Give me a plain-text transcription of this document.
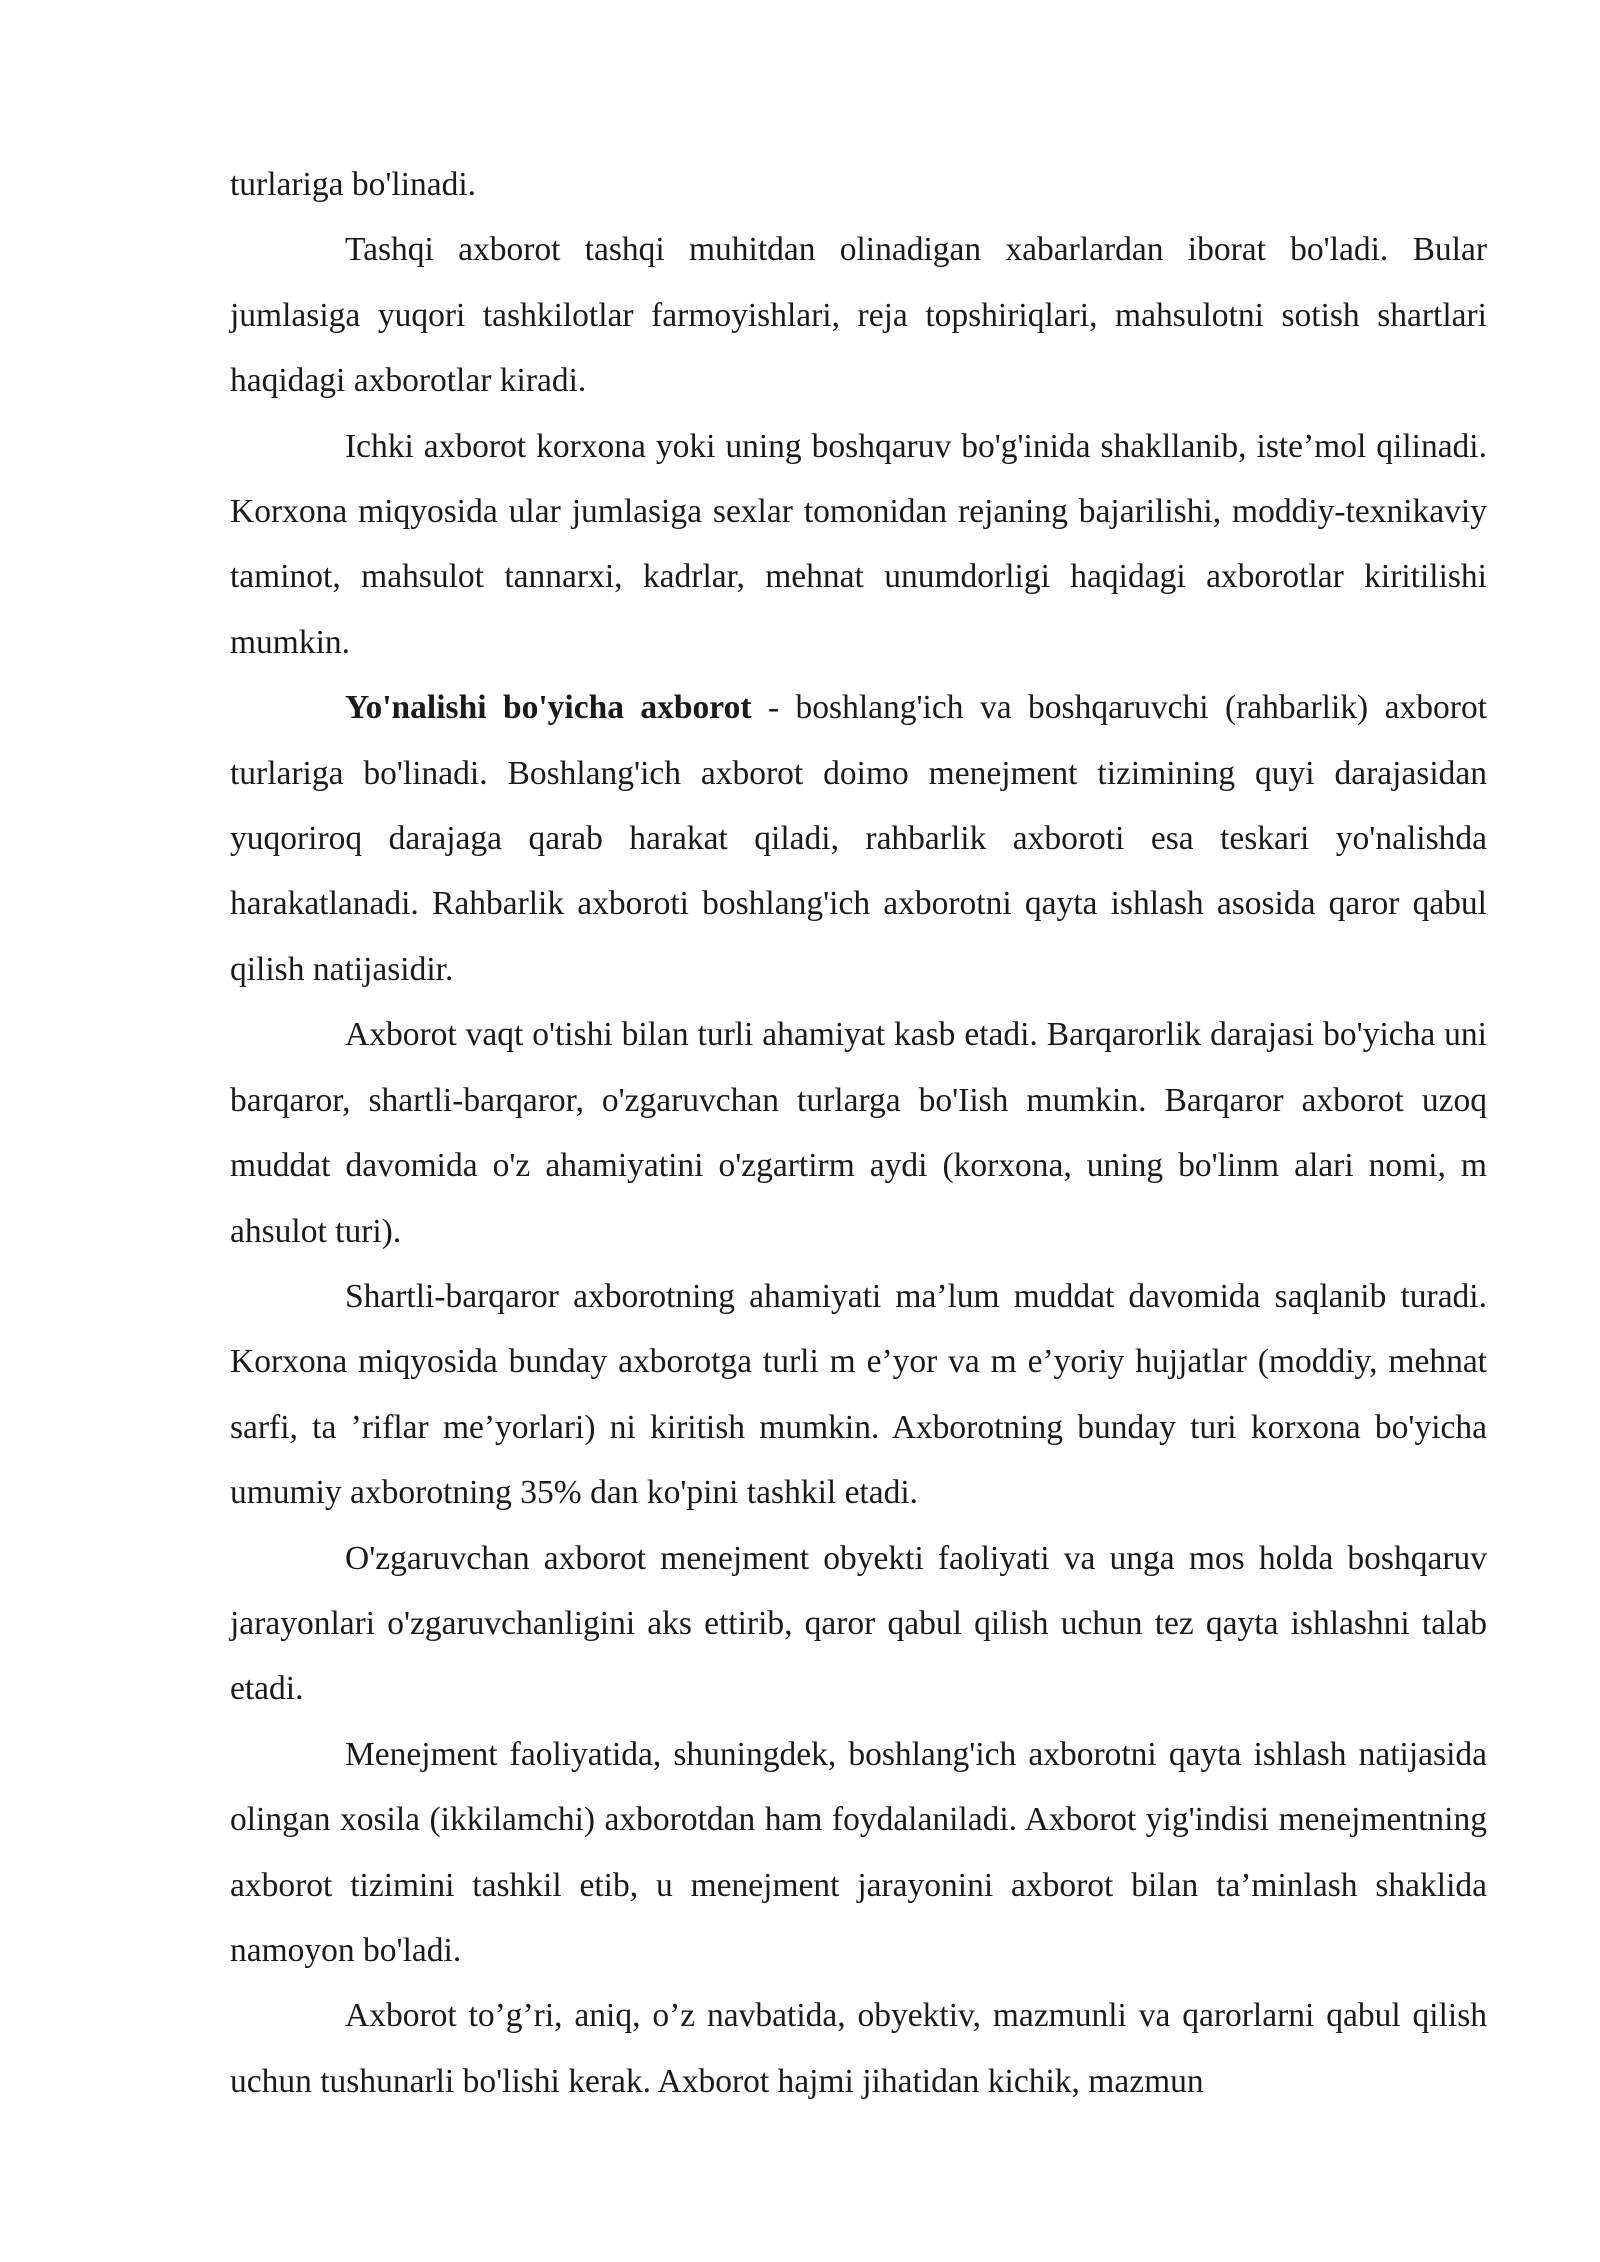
turlariga bo'linadi.

Tashqi axborot tashqi muhitdan olinadigan xabarlardan iborat bo'ladi. Bular jumlasiga yuqori tashkilotlar farmoyishlari, reja topshiriqlari, mahsulotni sotish shartlari haqidagi axborotlar kiradi.

Ichki axborot korxona yoki uning boshqaruv bo'g'inida shakllanib, iste’mol qilinadi. Korxona miqyosida ular jumlasiga sexlar tomonidan rejaning bajarilishi, moddiy-texnikaviy taminot, mahsulot tannarxi, kadrlar, mehnat unumdorligi haqidagi axborotlar kiritilishi mumkin.

Yo'nalishi bo'yicha axborot - boshlang'ich va boshqaruvchi (rahbarlik) axborot turlariga bo'linadi. Boshlang'ich axborot doimo menejment tizimining quyi darajasidan yuqoriroq darajaga qarab harakat qiladi, rahbarlik axboroti esa teskari yo'nalishda harakatlanadi. Rahbarlik axboroti boshlang'ich axborotni qayta ishlash asosida qaror qabul qilish natijasidir.

Axborot vaqt o'tishi bilan turli ahamiyat kasb etadi. Barqarorlik darajasi bo'yicha uni barqaror, shartli-barqaror, o'zgaruvchan turlarga bo'Iish mumkin. Barqaror axborot uzoq muddat davomida o'z ahamiyatini o'zgartirm aydi (korxona, uning bo'linm alari nomi, m ahsulot turi).

Shartli-barqaror axborotning ahamiyati ma’lum muddat davomida saqlanib turadi. Korxona miqyosida bunday axborotga turli m e’yor va m e’yoriy hujjatlar (moddiy, mehnat sarfi, ta ’riflar me’yorlari) ni kiritish mumkin. Axborotning bunday turi korxona bo'yicha umumiy axborotning 35% dan ko'pini tashkil etadi.

O'zgaruvchan axborot menejment obyekti faoliyati va unga mos holda boshqaruv jarayonlari o'zgaruvchanligini aks ettirib, qaror qabul qilish uchun tez qayta ishlashni talab etadi.

Menejment faoliyatida, shuningdek, boshlang'ich axborotni qayta ishlash natijasida olingan xosila (ikkilamchi) axborotdan ham foydalaniladi. Axborot yig'indisi menejmentning axborot tizimini tashkil etib, u menejment jarayonini axborot bilan ta’minlash shaklida namoyon bo'ladi.

Axborot to’g’ri, aniq, o’z navbatida, obyektiv, mazmunli va qarorlarni qabul qilish uchun tushunarli bo'lishi kerak. Axborot hajmi jihatidan kichik, mazmun
